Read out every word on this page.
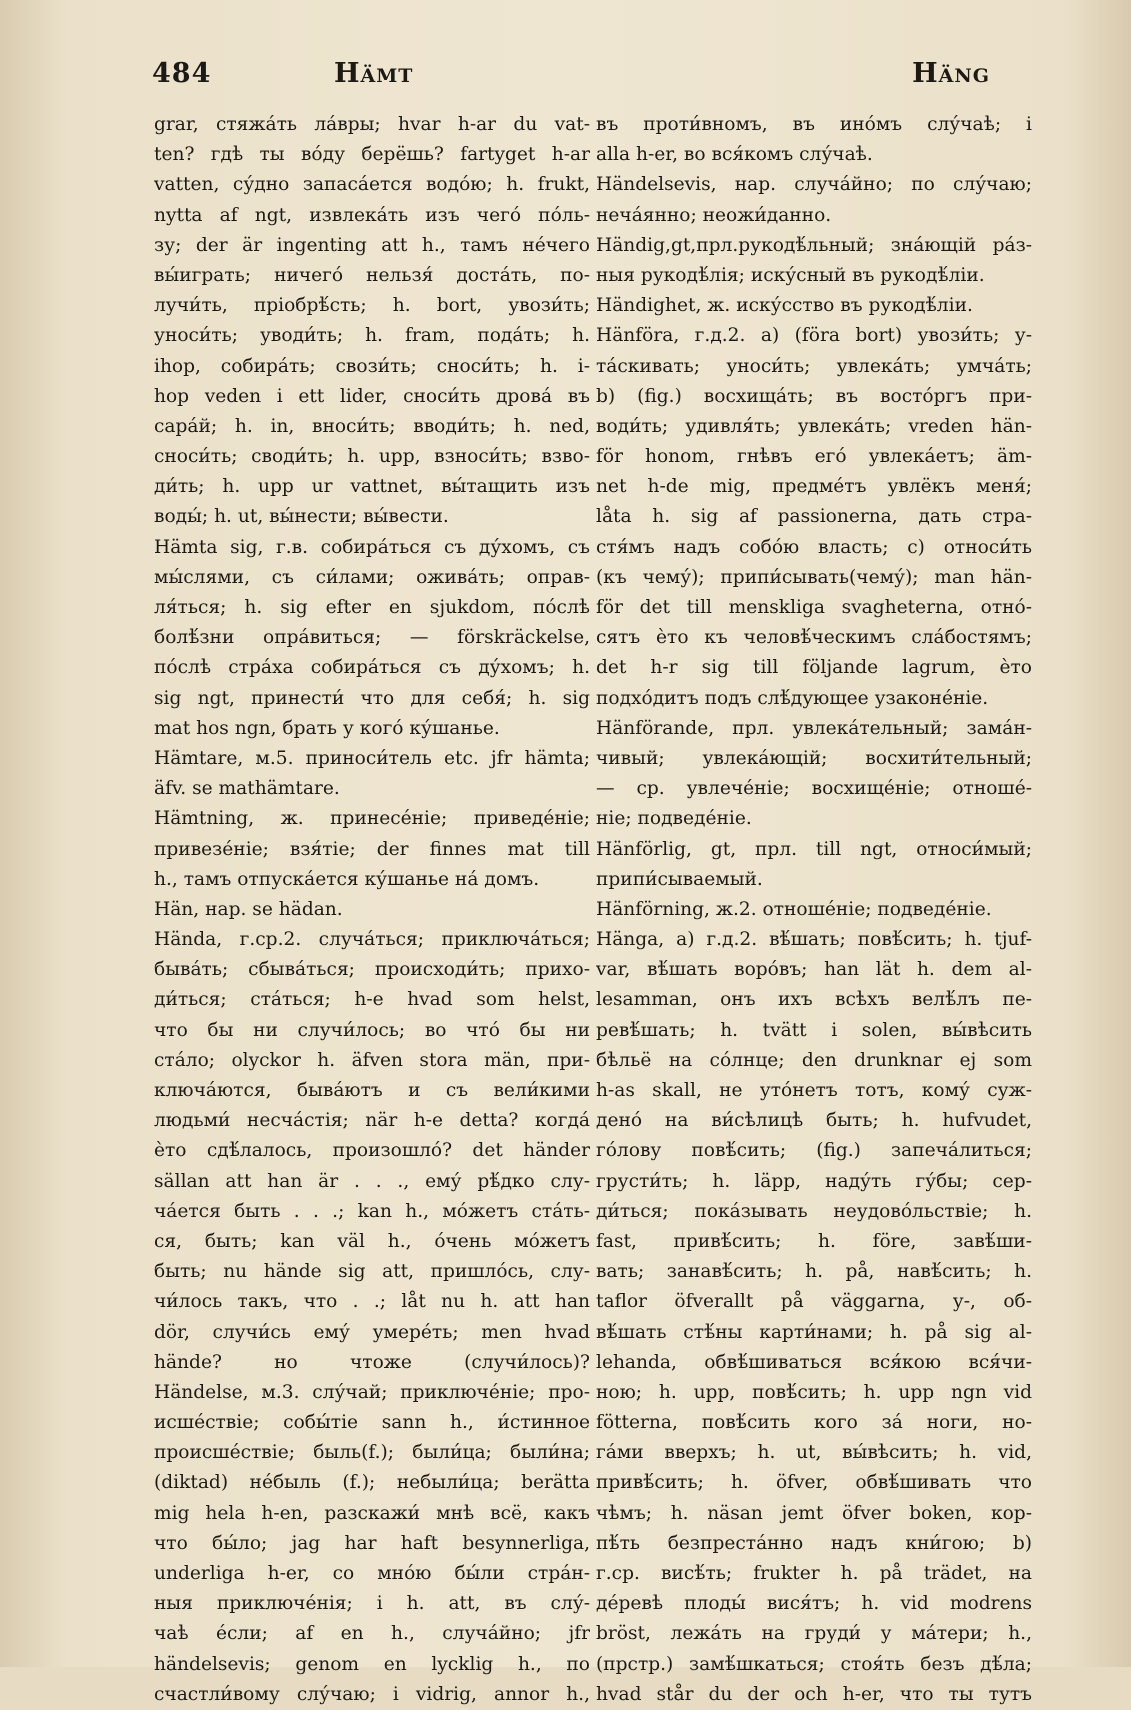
484	Hämt	Häng
grar, стяжа́ть ла́вры; hvar h-ar du vat-
ten? гдѣ ты во́ду берёшь? fartyget h-ar
vatten, су́дно запаса́ется водо́ю; h. frukt,
nytta af ngt, извлека́ть изъ чего́ по́ль-
зу; der är ingenting att h., тамъ не́чего
вы́играть; ничего́ нельзя́ доста́ть, по-
лучи́ть, пріобрѣ́сть; h. bort, увози́ть;
уноси́ть; уводи́ть; h. fram, пода́ть; h.
ihop, собира́ть; свози́ть; сноси́ть; h. i-
hop veden i ett lider, сноси́ть дрова́ въ
сара́й; h. in, вноси́ть; вводи́ть; h. ned,
сноси́ть; своди́ть; h. upp, взноси́ть; взво-
ди́ть; h. upp ur vattnet, вы́тащить изъ
воды́; h. ut, вы́нести; вы́вести.
Hämta sig, г.в. собира́ться съ ду́хомъ, съ
мы́слями, съ си́лами; ожива́ть; оправ-
ля́ться; h. sig efter en sjukdom, по́слѣ
болѣ́зни опра́виться; — förskräckelse,
по́слѣ стра́ха собира́ться съ ду́хомъ; h.
sig ngt, принести́ что для себя́; h. sig
mat hos ngn, брать у кого́ ку́шанье.
Hämtare, м.5. приноси́тель etc. jfr hämta;
äfv. se mathämtare.
Hämtning, ж. принесе́ніе; приведе́ніе;
привезе́ніе; взя́тіе; der finnes mat till
h., тамъ отпуска́ется ку́шанье на́ домъ.
Hän, нар. se hädan.
Hända, г.ср.2. случа́ться; приключа́ться;
быва́ть; сбыва́ться; происходи́ть; прихо-
ди́ться; ста́ться; h-e hvad som helst,
что бы ни случи́лось; во что́ бы ни
ста́ло; olyckor h. äfven stora män, при-
ключа́ются, быва́ютъ и съ вели́кими
людьми́ несча́стія; när h-e detta? когда́
ѐто сдѣ́лалось, произошло́? det händer
sällan att han är . . ., ему́ рѣ́дко слу-
ча́ется быть . . .; kan h., мо́жетъ ста́ть-
ся, быть; kan väl h., о́чень мо́жетъ
быть; nu hände sig att, пришло́сь, слу-
чи́лось такъ, что . .; låt nu h. att han
dör, случи́сь ему́ умере́ть; men hvad
hände? но чтоже (случи́лось)?
Händelse, м.3. слу́чай; приключе́ніе; про-
исше́ствіе; собы́тіе sann h., и́стинное
происше́ствіе; быль(f.); были́ца; были́на;
(diktad) не́быль (f.); небыли́ца; berätta
mig hela h-en, разскажи́ мнѣ всё, какъ
что бы́ло; jag har haft besynnerliga,
underliga h-er, со мно́ю бы́ли стра́н-
ныя приключе́нія; i h. att, въ слу́-
чаѣ е́сли; af en h., случа́йно; jfr
händelsevis; genom en lycklig h., по
счастли́вому слу́чаю; i vidrig, annor h.,
въ проти́вномъ, въ ино́мъ слу́чаѣ; i
alla h-er, во вся́комъ слу́чаѣ.
Händelsevis, нар. случа́йно; по слу́чаю;
неча́янно; неожи́данно.
Händig,gt,прл.рукодѣ́льный; зна́ющій ра́з-
ныя рукодѣ́лія; иску́сный въ рукодѣ́ліи.
Händighet, ж. иску́сство въ рукодѣ́ліи.
Hänföra, г.д.2. a) (föra bort) увози́ть; у-
та́скивать; уноси́ть; увлека́ть; умча́ть;
b) (fig.) восхища́ть; въ восто́ргъ при-
води́ть; удивля́ть; увлека́ть; vreden hän-
för honom, гнѣвъ его́ увлека́етъ; äm-
net h-de mig, предме́тъ увлёкъ меня́;
låta h. sig af passionerna, дать стра-
стя́мъ надъ собо́ю власть; c) относи́ть
(къ чему́); припи́сывать(чему́); man hän-
för det till menskliga svagheterna, отно́-
сятъ ѐто къ человѣ́ческимъ сла́бостямъ;
det h-r sig till följande lagrum, ѐто
подхо́дитъ подъ слѣ́дующее узаконе́ніе.
Hänförande, прл. увлека́тельный; зама́н-
чивый; увлека́ющій; восхити́тельный;
— ср. увлече́ніе; восхище́ніе; отноше́-
ніе; подведе́ніе.
Hänförlig, gt, прл. till ngt, относи́мый;
припи́сываемый.
Hänförning, ж.2. отноше́ніе; подведе́ніе.
Hänga, a) г.д.2. вѣ́шать; повѣ́сить; h. tjuf-
var, вѣ́шать воро́въ; han lät h. dem al-
lesamman, онъ ихъ всѣхъ велѣ́лъ пе-
ревѣ́шать; h. tvätt i solen, вы́вѣсить
бѣльё на со́лнце; den drunknar ej som
h-as skall, не уто́нетъ тотъ, кому́ суж-
дено́ на ви́сѣлицѣ быть; h. hufvudet,
го́лову повѣ́сить; (fig.) запеча́литься;
грусти́ть; h. läpp, наду́ть гу́бы; сер-
ди́ться; пока́зывать неудово́льствіе; h.
fast, привѣ́сить; h. före, завѣ́ши-
вать; занавѣ́сить; h. på, навѣ́сить; h.
taflor öfverallt på väggarna, у-, об-
вѣ́шать стѣ́ны карти́нами; h. på sig al-
lehanda, обвѣ́шиваться вся́кою вся́чи-
ною; h. upp, повѣ́сить; h. upp ngn vid
fötterna, повѣ́сить кого за́ ноги, но-
га́ми вверхъ; h. ut, вы́вѣсить; h. vid,
привѣ́сить; h. öfver, обвѣ́шивать что
чѣмъ; h. näsan jemt öfver boken, кор-
пѣ́ть безпреста́нно надъ кни́гою; b)
г.ср. висѣ́ть; frukter h. på trädet, на
де́ревѣ плоды́ вися́тъ; h. vid modrens
bröst, лежа́ть на груди́ у ма́тери; h.,
(прстр.) замѣ́шкаться; стоя́ть безъ дѣ́ла;
hvad står du der och h-er, что ты тутъ
